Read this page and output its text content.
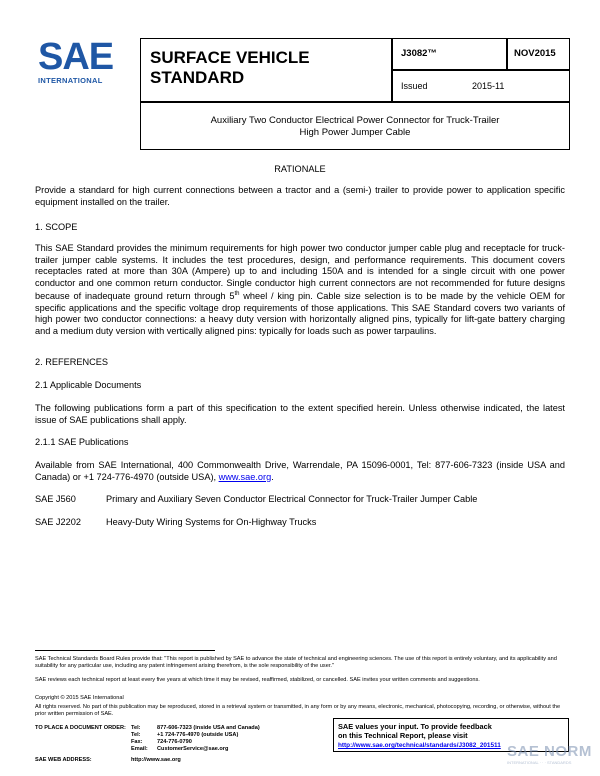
SAE
INTERNATIONAL
SURFACE VEHICLE
STANDARD
J3082™	NOV2015
Issued	2015-11
Auxiliary Two Conductor Electrical Power Connector for Truck-Trailer
High Power Jumper Cable
RATIONALE
Provide a standard for high current connections between a tractor and a (semi-) trailer to provide power to application specific equipment installed on the trailer.
1. SCOPE
This SAE Standard provides the minimum requirements for high power two conductor jumper cable plug and receptacle for truck-trailer jumper cable systems. It includes the test procedures, design, and performance requirements. This document covers receptacles rated at more than 30A (Ampere) up to and including 150A and is intended for a single circuit with one power conductor and one common return conductor. Single conductor high current connectors are not recommended for future designs because of inadequate ground return through 5th wheel / king pin. Cable size selection is to be made by the vehicle OEM for specific applications and the specific voltage drop requirements of those applications. This SAE Standard covers two variants of high power two conductor connections: a heavy duty version with horizontally aligned pins, typically for lift-gate battery charging and a medium duty version with vertically aligned pins: typically for loads such as power tarpaulins.
2. REFERENCES
2.1 Applicable Documents
The following publications form a part of this specification to the extent specified herein. Unless otherwise indicated, the latest issue of SAE publications shall apply.
2.1.1 SAE Publications
Available from SAE International, 400 Commonwealth Drive, Warrendale, PA 15096-0001, Tel: 877-606-7323 (inside USA and Canada) or +1 724-776-4970 (outside USA), www.sae.org.
SAE J560	Primary and Auxiliary Seven Conductor Electrical Connector for Truck-Trailer Jumper Cable
SAE J2202	Heavy-Duty Wiring Systems for On-Highway Trucks
SAE Technical Standards Board Rules provide that: "This report is published by SAE to advance the state of technical and engineering sciences. The use of this report is entirely voluntary, and its applicability and suitability for any particular use, including any patent infringement arising therefrom, is the sole responsibility of the user."
SAE reviews each technical report at least every five years at which time it may be revised, reaffirmed, stabilized, or cancelled. SAE invites your written comments and suggestions.
Copyright © 2015 SAE International
All rights reserved. No part of this publication may be reproduced, stored in a retrieval system or transmitted, in any form or by any means, electronic, mechanical, photocopying, recording, or otherwise, without the prior written permission of SAE.
TO PLACE A DOCUMENT ORDER: Tel:	877-606-7323 (inside USA and Canada)
Tel:	+1 724-776-4970 (outside USA)
Fax:	724-776-0790
Email: CustomerService@sae.org
SAE WEB ADDRESS:	http://www.sae.org
SAE values your input. To provide feedback
on this Technical Report, please visit
http://www.sae.org/technical/standards/J3082_201511 SAE NORM
INTERNATIONAL · · · STANDARDS
